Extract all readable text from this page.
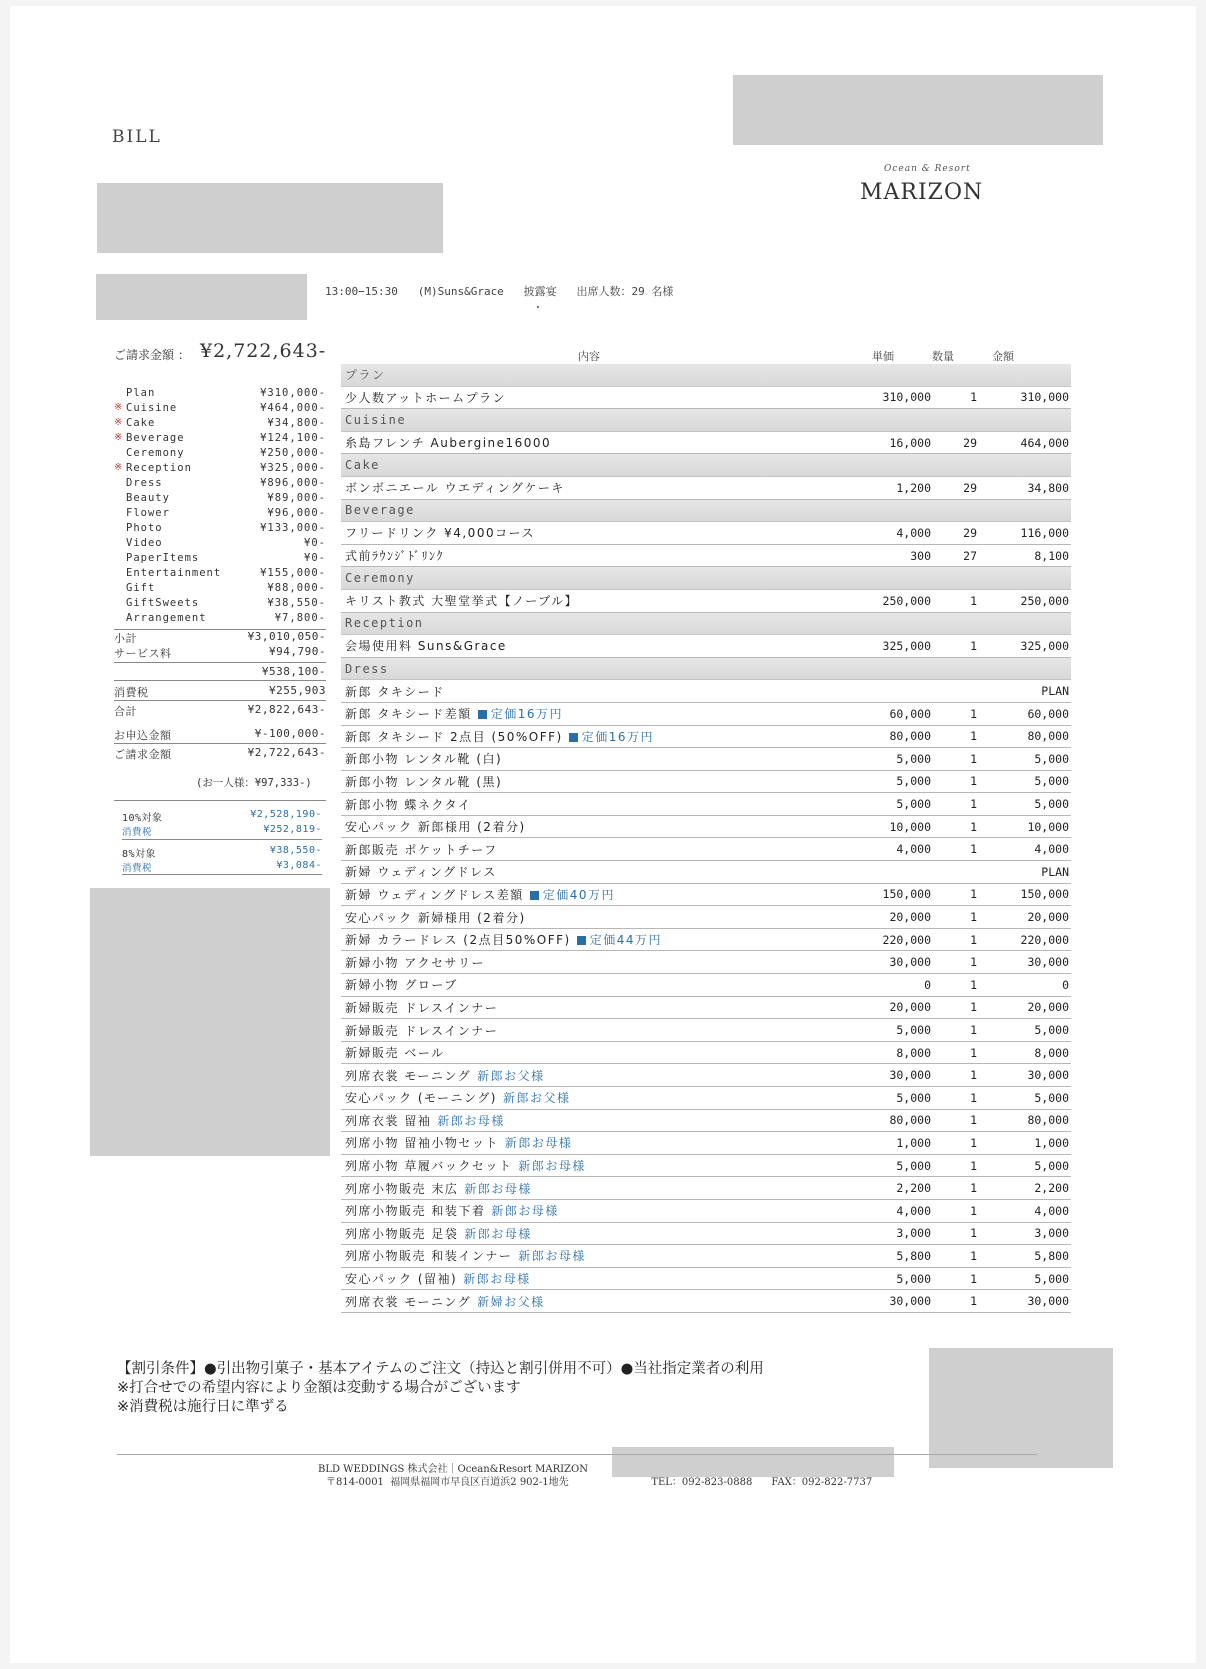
BILL
Ocean & Resort
MARIZON
13:00−15:30   (M)Suns&Grace   披露宴   出席人数：29 名様
ご請求金額 ： ¥2,722,643-
Plan	¥310,000-
※ Cuisine	¥464,000-
※ Cake	¥34,800-
※ Beverage	¥124,100-
Ceremony	¥250,000-
※ Reception	¥325,000-
Dress	¥896,000-
Beauty	¥89,000-
Flower	¥96,000-
Photo	¥133,000-
Video	¥0-
PaperItems	¥0-
Entertainment	¥155,000-
Gift	¥88,000-
GiftSweets	¥38,550-
Arrangement	¥7,800-
小計	¥3,010,050-
サービス料	¥94,790-
¥538,100-
消費税	¥255,903
合計	¥2,822,643-
お申込金額	¥-100,000-
ご請求金額	¥2,722,643-
(お一人様：¥97,333-)
10%対象	¥2,528,190-
消費税	¥252,819-
8%対象	¥38,550-
消費税	¥3,084-
内容	単価	数量	金額
プラン
少人数アットホームプラン	310,000	1	310,000
Cuisine
糸島フレンチ Aubergine16000	16,000	29	464,000
Cake
ボンボニエール ウエディングケーキ	1,200	29	34,800
Beverage
フリードリンク ¥4,000コース	4,000	29	116,000
式前ﾗｳﾝｼﾞﾄﾞﾘﾝｸ	300	27	8,100
Ceremony
キリスト教式 大聖堂挙式【ノーブル】	250,000	1	250,000
Reception
会場使用料 Suns&Grace	325,000	1	325,000
Dress
新郎 タキシード	PLAN
新郎 タキシード差額 定価16万円	60,000	1	60,000
新郎 タキシード 2点目 (50%OFF) 定価16万円	80,000	1	80,000
新郎小物 レンタル靴 (白)	5,000	1	5,000
新郎小物 レンタル靴 (黒)	5,000	1	5,000
新郎小物 蝶ネクタイ	5,000	1	5,000
安心パック 新郎様用 (2着分)	10,000	1	10,000
新郎販売 ポケットチーフ	4,000	1	4,000
新婦 ウェディングドレス	PLAN
新婦 ウェディングドレス差額 定価40万円	150,000	1	150,000
安心パック 新婦様用 (2着分)	20,000	1	20,000
新婦 カラードレス (2点目50%OFF) 定価44万円	220,000	1	220,000
新婦小物 アクセサリー	30,000	1	30,000
新婦小物 グローブ	0	1	0
新婦販売 ドレスインナー	20,000	1	20,000
新婦販売 ドレスインナー	5,000	1	5,000
新婦販売 ベール	8,000	1	8,000
列席衣裳 モーニング 新郎お父様	30,000	1	30,000
安心パック (モーニング) 新郎お父様	5,000	1	5,000
列席衣裳 留袖 新郎お母様	80,000	1	80,000
列席小物 留袖小物セット 新郎お母様	1,000	1	1,000
列席小物 草履バックセット 新郎お母様	5,000	1	5,000
列席小物販売 末広 新郎お母様	2,200	1	2,200
列席小物販売 和装下着 新郎お母様	4,000	1	4,000
列席小物販売 足袋 新郎お母様	3,000	1	3,000
列席小物販売 和装インナー 新郎お母様	5,800	1	5,800
安心パック (留袖) 新郎お母様	5,000	1	5,000
列席衣裳 モーニング 新婦お父様	30,000	1	30,000
【割引条件】●引出物引菓子・基本アイテムのご注文（持込と割引併用不可）●当社指定業者の利用
※打合せでの希望内容により金額は変動する場合がございます
※消費税は施行日に準ずる
BLD WEDDINGS 株式会社｜Ocean&Resort MARIZON
〒814-0001  福岡県福岡市早良区百道浜2 902-1地先	TEL：092-823-0888 FAX：092-822-7737
